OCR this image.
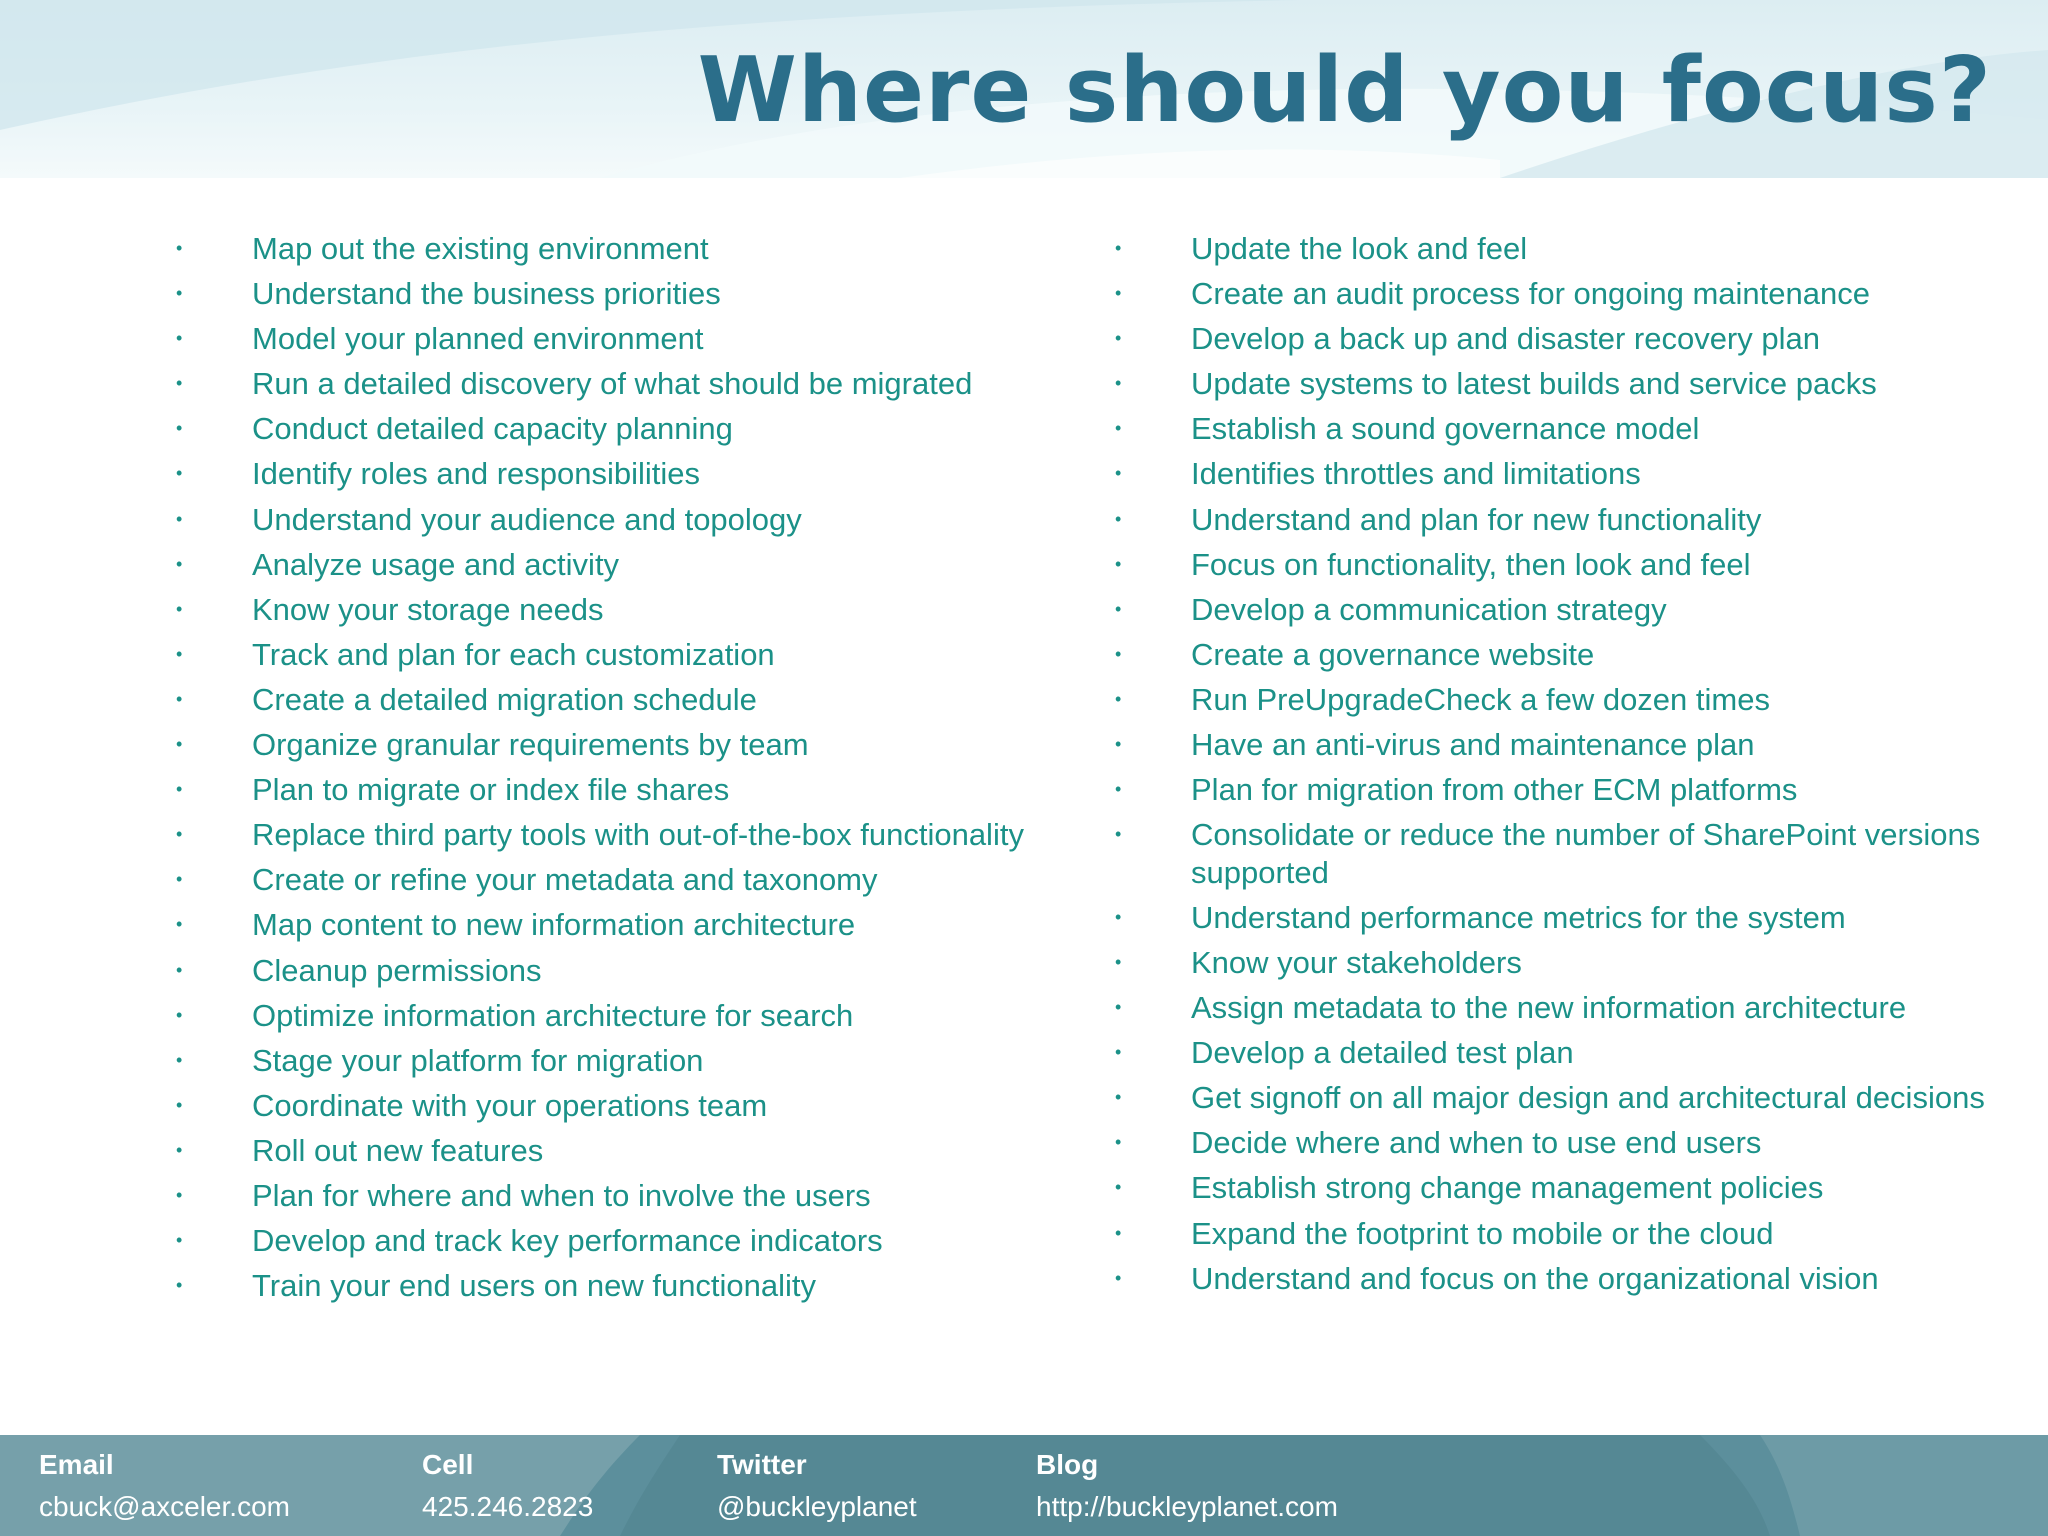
Where should you focus?
• Map out the existing environment
• Understand the business priorities
• Model your planned environment
• Run a detailed discovery of what should be migrated
• Conduct detailed capacity planning
• Identify roles and responsibilities
• Understand your audience and topology
• Analyze usage and activity
• Know your storage needs
• Track and plan for each customization
• Create a detailed migration schedule
• Organize granular requirements by team
• Plan to migrate or index file shares
• Replace third party tools with out-of-the-box functionality
• Create or refine your metadata and taxonomy
• Map content to new information architecture
• Cleanup permissions
• Optimize information architecture for search
• Stage your platform for migration
• Coordinate with your operations team
• Roll out new features
• Plan for where and when to involve the users
• Develop and track key performance indicators
• Train your end users on new functionality
• Update the look and feel
• Create an audit process for ongoing maintenance
• Develop a back up and disaster recovery plan
• Update systems to latest builds and service packs
• Establish a sound governance model
• Identifies throttles and limitations
• Understand and plan for new functionality
• Focus on functionality, then look and feel
• Develop a communication strategy
• Create a governance website
• Run PreUpgradeCheck a few dozen times
• Have an anti-virus and maintenance plan
• Plan for migration from other ECM platforms
• Consolidate or reduce the number of SharePoint versions supported
• Understand performance metrics for the system
• Know your stakeholders
• Assign metadata to the new information architecture
• Develop a detailed test plan
• Get signoff on all major design and architectural decisions
• Decide where and when to use end users
• Establish strong change management policies
• Expand the footprint to mobile or the cloud
• Understand and focus on the organizational vision
Email
cbuck@axceler.com
Cell
425.246.2823
Twitter
@buckleyplanet
Blog
http://buckleyplanet.com
